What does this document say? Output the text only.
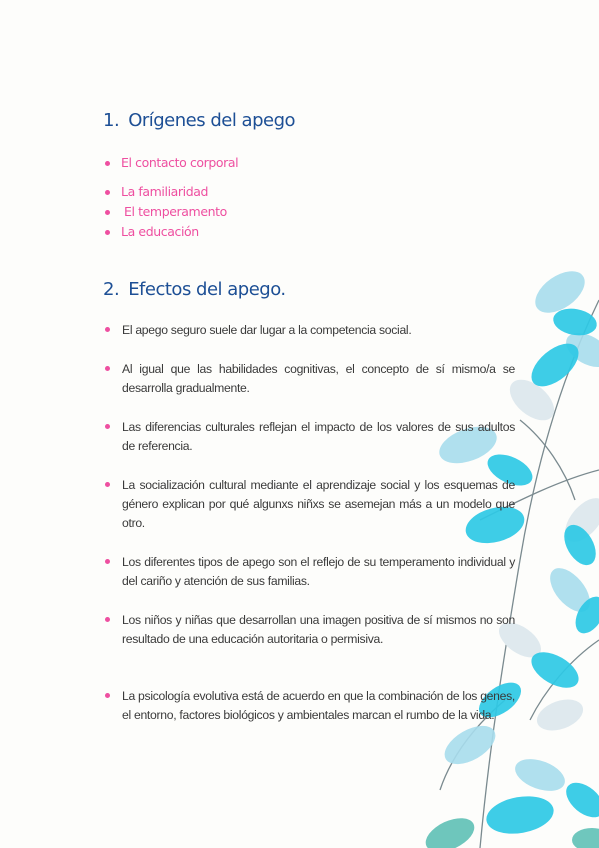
1. Orígenes del apego
El contacto corporal
La familiaridad
El temperamento
La educación
2. Efectos del apego.
El apego seguro suele dar lugar a la competencia social.
Al igual que las habilidades cognitivas, el concepto de sí mismo/a se desarrolla gradualmente.
Las diferencias culturales reflejan el impacto de los valores de sus adultos de referencia.
La socialización cultural mediante el aprendizaje social y los esquemas de género explican por qué algunxs niñxs se asemejan más a un modelo que otro.
Los diferentes tipos de apego son el reflejo de su temperamento individual y del cariño y atención de sus familias.
Los niños y niñas que desarrollan una imagen positiva de sí mismos no son resultado de una educación autoritaria o permisiva.
La psicología evolutiva está de acuerdo en que la combinación de los genes, el entorno, factores biológicos y ambientales marcan el rumbo de la vida.
